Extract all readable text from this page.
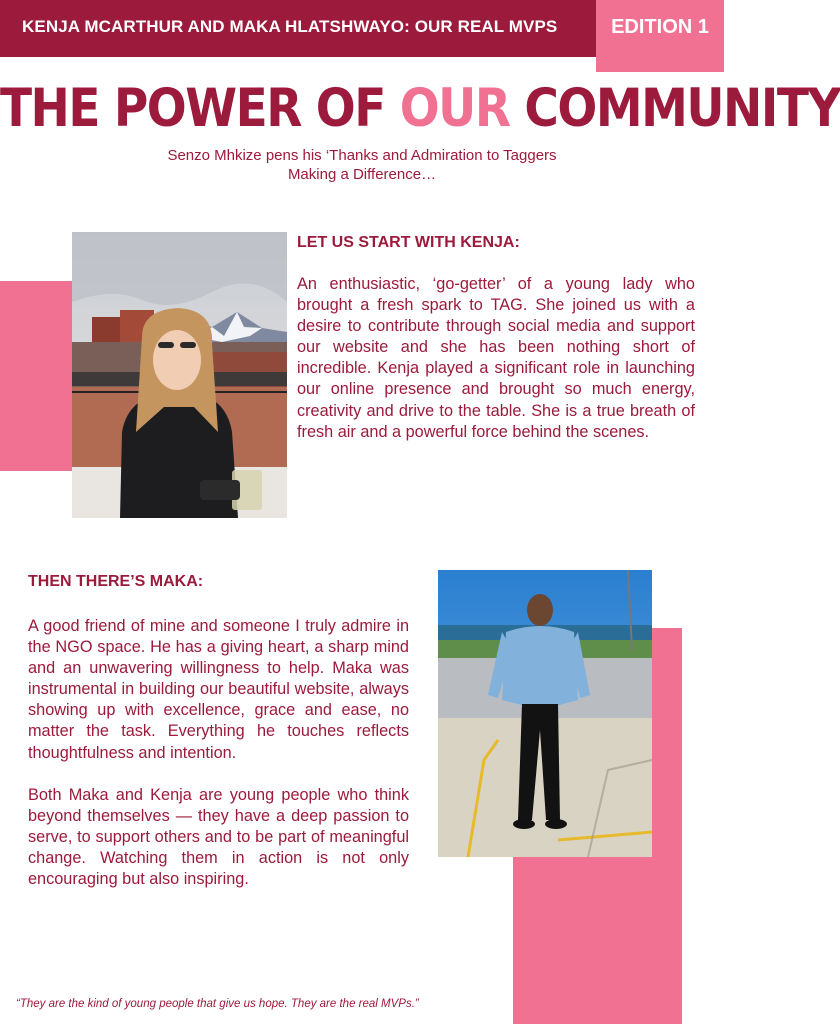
KENJA MCARTHUR AND MAKA HLATSHWAYO: OUR REAL MVPS	EDITION 1
THE POWER OF OUR COMMUNITY
Senzo Mhkize pens his ‘Thanks and Admiration to Taggers
Making a Difference…
LET US START WITH KENJA:
An enthusiastic, ‘go-getter’ of a young lady who brought a fresh spark to TAG. She joined us with a desire to contribute through social media and support our website and she has been nothing short of incredible. Kenja played a significant role in launching our online presence and brought so much energy, creativity and drive to the table. She is a true breath of fresh air and a powerful force behind the scenes.
THEN THERE’S MAKA:

A good friend of mine and someone I truly admire in the NGO space. He has a giving heart, a sharp mind and an unwavering willingness to help. Maka was instrumental in building our beautiful website, always showing up with excellence, grace and ease, no matter the task. Everything he touches reflects thoughtfulness and intention.

Both Maka and Kenja are young people who think beyond themselves — they have a deep passion to serve, to support others and to be part of meaningful change. Watching them in action is not only encouraging but also inspiring.

“They are the kind of young people that give us hope. They are the real MVPs.”
